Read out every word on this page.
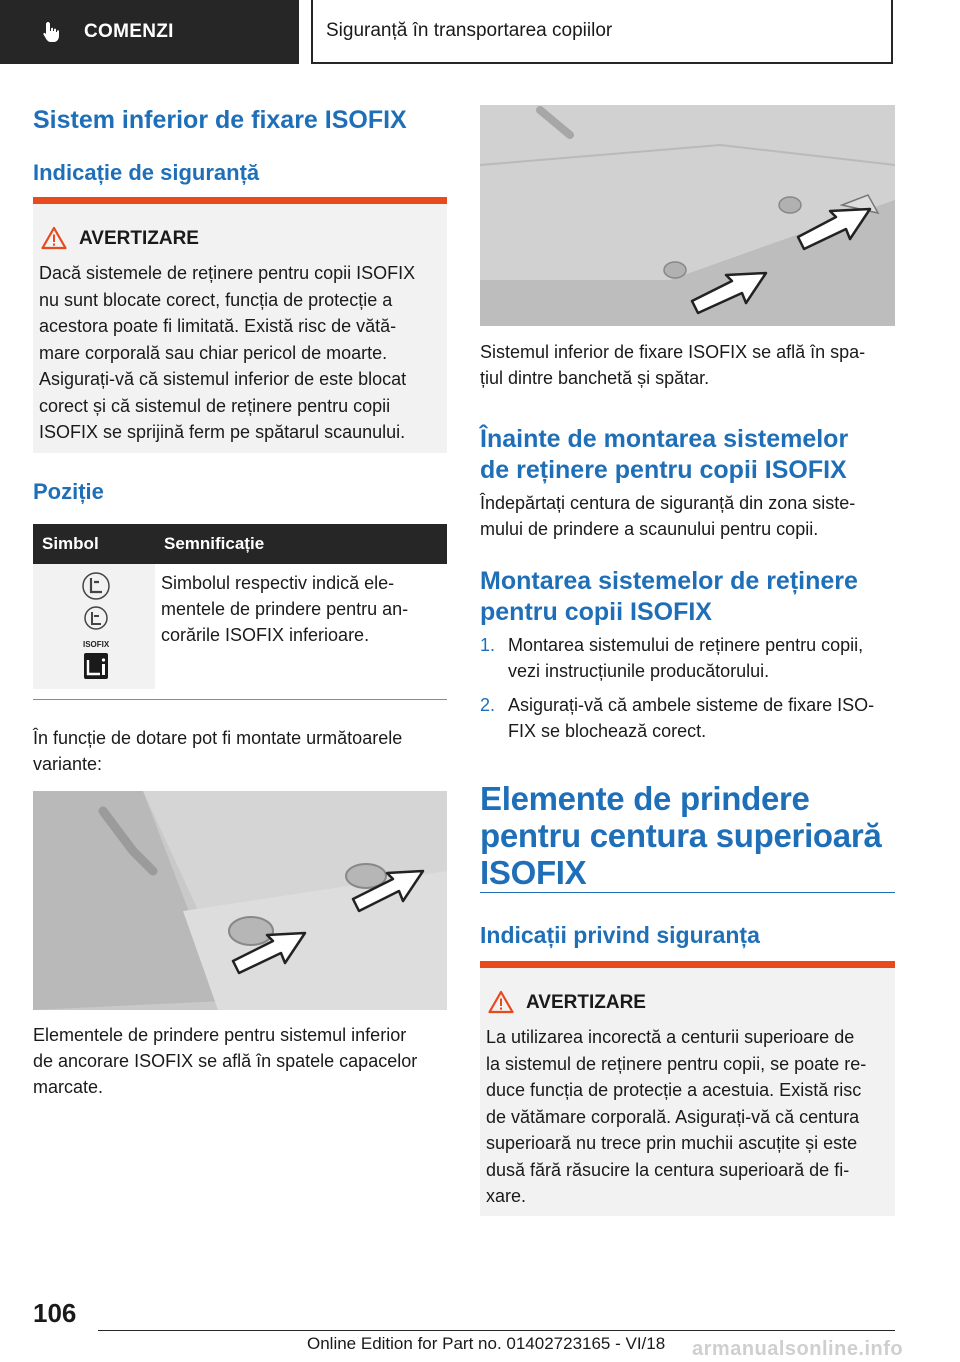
COMENZI	Siguranță în transportarea copiilor
Sistem inferior de fixare ISOFIX
Indicație de siguranță
AVERTIZARE
Dacă sistemele de reținere pentru copii ISOFIX
nu sunt blocate corect, funcția de protecție a
acestora poate fi limitată. Există risc de vătă-
mare corporală sau chiar pericol de moarte.
Asigurați-vă că sistemul inferior de este blocat
corect și că sistemul de reținere pentru copii
ISOFIX se sprijină ferm pe spătarul scaunului.
Poziție
Simbol	Semnificație

ISOFIX	Simbolul respectiv indică ele-
mentele de prindere pentru an-
corările ISOFIX inferioare.
În funcție de dotare pot fi montate următoarele
variante:
Elementele de prindere pentru sistemul inferior
de ancorare ISOFIX se află în spatele capacelor
marcate.
Sistemul inferior de fixare ISOFIX se află în spa-
țiul dintre banchetă și spătar.
Înainte de montarea sistemelor
de reținere pentru copii ISOFIX
Îndepărtați centura de siguranță din zona siste-
mului de prindere a scaunului pentru copii.
Montarea sistemelor de reținere
pentru copii ISOFIX
1. Montarea sistemului de reținere pentru copii,
vezi instrucțiunile producătorului.
2. Asigurați-vă că ambele sisteme de fixare ISO-
FIX se blochează corect.
Elemente de prindere
pentru centura superioară
ISOFIX
Indicații privind siguranța
AVERTIZARE
La utilizarea incorectă a centurii superioare de
la sistemul de reținere pentru copii, se poate re-
duce funcția de protecție a acestuia. Există risc
de vătămare corporală. Asigurați-vă că centura
superioară nu trece prin muchii ascuțite și este
dusă fără răsucire la centura superioară de fi-
xare.
106
Online Edition for Part no. 01402723165 - VI/18 armanualsonline.info
